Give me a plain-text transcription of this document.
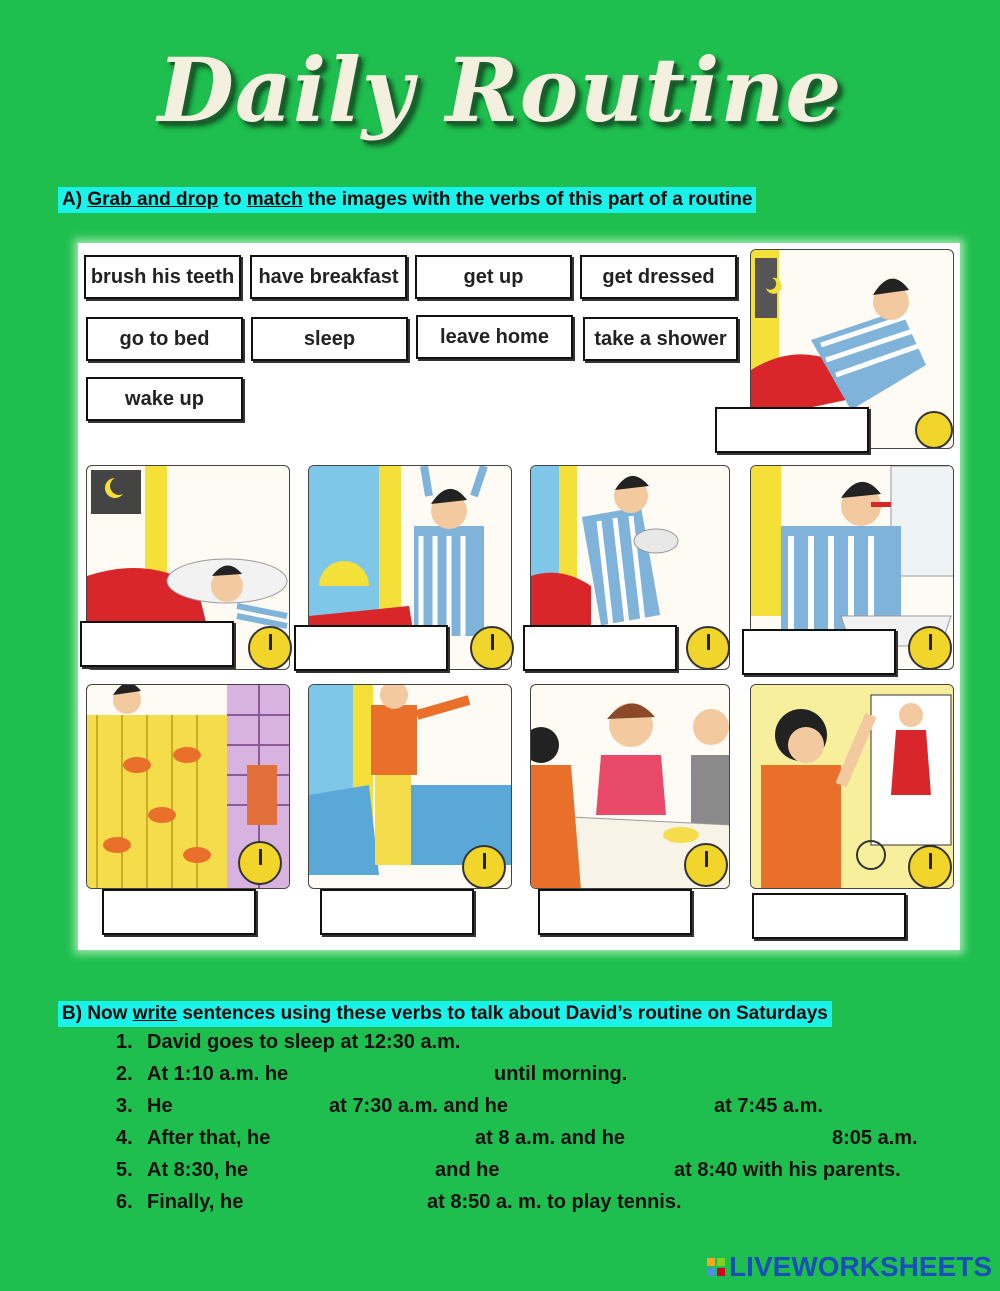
Daily Routine
A) Grab and drop to match the images with the verbs of this part of a routine
brush his teeth	have breakfast	get up	get dressed
go to bed	sleep	leave home	take a shower
wake up
B) Now write sentences using these verbs to talk about David’s routine on Saturdays
1. David goes to sleep at 12:30 a.m.
2. At 1:10 a.m. he	until morning.
3. He	at 7:30 a.m. and he	at 7:45 a.m.
4. After that, he	at 8 a.m. and he	8:05 a.m.
5. At 8:30, he	and he	at 8:40 with his parents.
6. Finally, he	at 8:50 a. m. to play tennis.
LIVEWORKSHEETS
